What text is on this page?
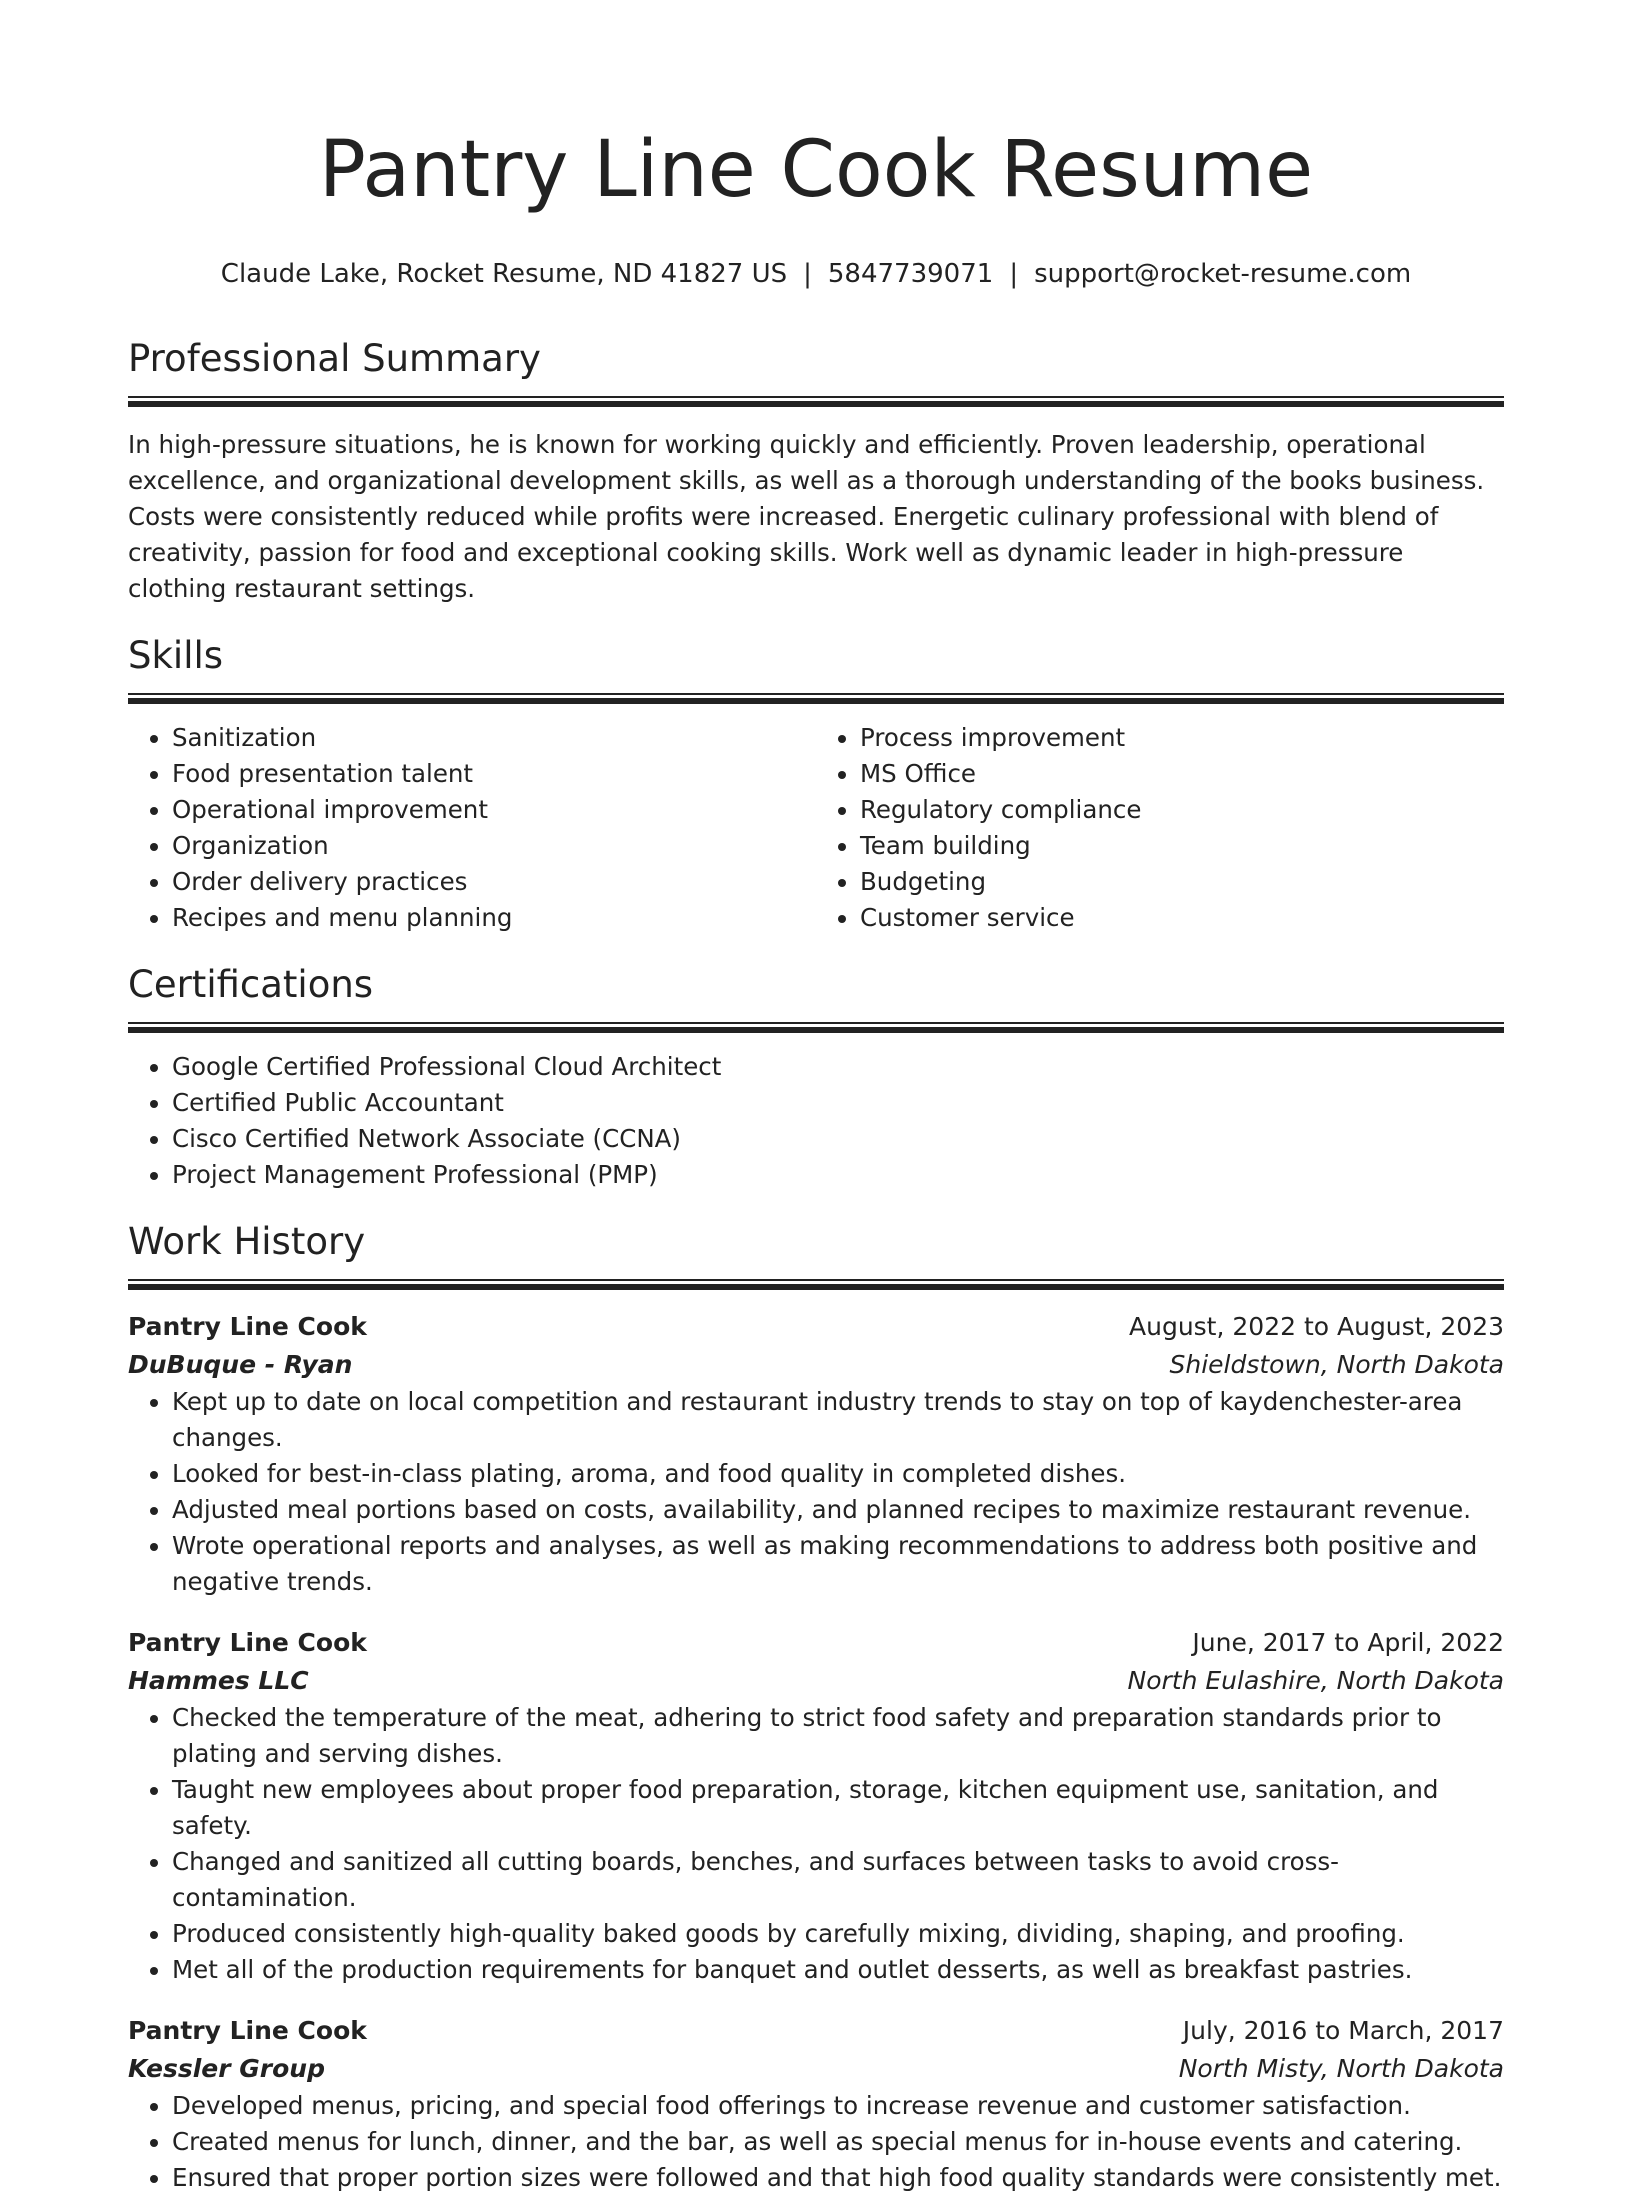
Pantry Line Cook Resume
Claude Lake, Rocket Resume, ND 41827 US | 5847739071 | support@rocket-resume.com
Professional Summary

In high-pressure situations, he is known for working quickly and efficiently. Proven leadership, operational excellence, and organizational development skills, as well as a thorough understanding of the books business. Costs were consistently reduced while profits were increased. Energetic culinary professional with blend of creativity, passion for food and exceptional cooking skills. Work well as dynamic leader in high-pressure clothing restaurant settings.

Skills
• Sanitization
• Food presentation talent
• Operational improvement
• Organization
• Order delivery practices
• Recipes and menu planning
• Process improvement
• MS Office
• Regulatory compliance
• Team building
• Budgeting
• Customer service
Certifications
• Google Certified Professional Cloud Architect
• Certified Public Accountant
• Cisco Certified Network Associate (CCNA)
• Project Management Professional (PMP)
Work History
Pantry Line Cook	August, 2022 to August, 2023
DuBuque - Ryan	Shieldstown, North Dakota
• Kept up to date on local competition and restaurant industry trends to stay on top of kaydenchester-area changes.
• Looked for best-in-class plating, aroma, and food quality in completed dishes.
• Adjusted meal portions based on costs, availability, and planned recipes to maximize restaurant revenue.
• Wrote operational reports and analyses, as well as making recommendations to address both positive and negative trends.
Pantry Line Cook	June, 2017 to April, 2022
Hammes LLC	North Eulashire, North Dakota
• Checked the temperature of the meat, adhering to strict food safety and preparation standards prior to plating and serving dishes.
• Taught new employees about proper food preparation, storage, kitchen equipment use, sanitation, and safety.
• Changed and sanitized all cutting boards, benches, and surfaces between tasks to avoid cross-contamination.
• Produced consistently high-quality baked goods by carefully mixing, dividing, shaping, and proofing.
• Met all of the production requirements for banquet and outlet desserts, as well as breakfast pastries.
Pantry Line Cook	July, 2016 to March, 2017
Kessler Group	North Misty, North Dakota
• Developed menus, pricing, and special food offerings to increase revenue and customer satisfaction.
• Created menus for lunch, dinner, and the bar, as well as special menus for in-house events and catering.
• Ensured that proper portion sizes were followed and that high food quality standards were consistently met.
